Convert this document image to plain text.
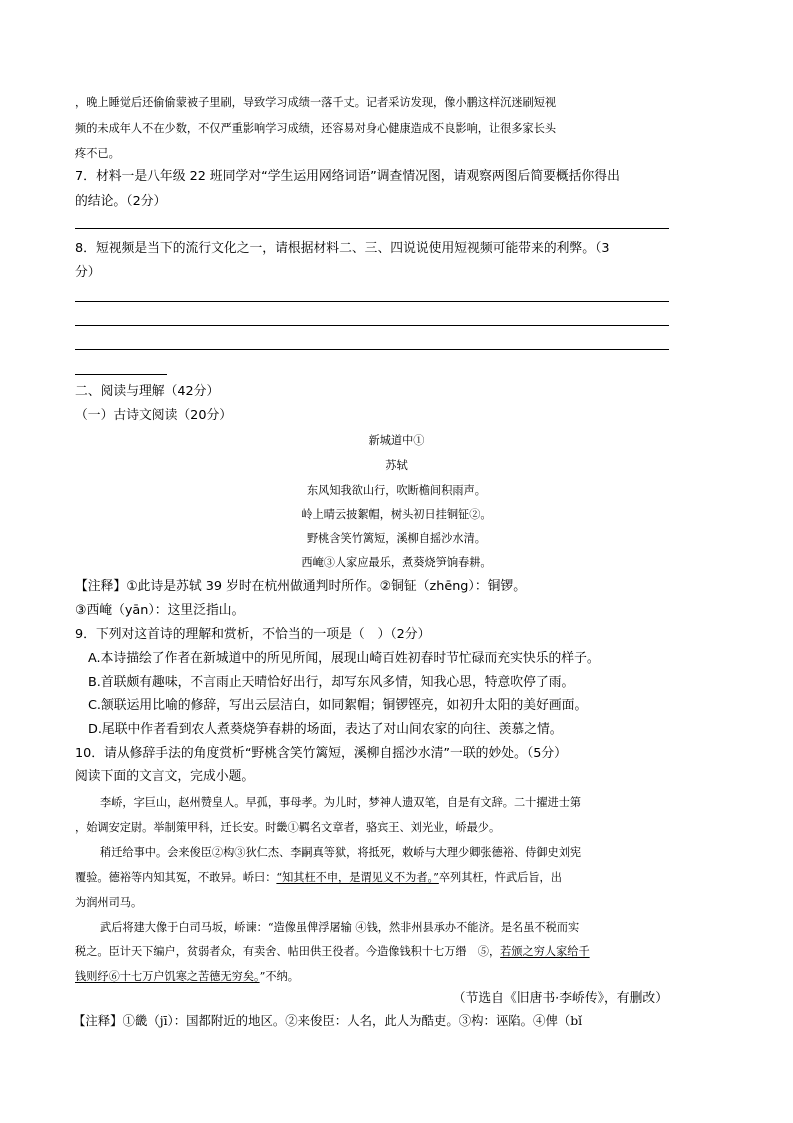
，晚上睡觉后还偷偷蒙被子里刷，导致学习成绩一落千丈。记者采访发现，像小鹏这样沉迷刷短视
频的未成年人不在少数，不仅严重影响学习成绩，还容易对身心健康造成不良影响，让很多家长头
疼不已。
7．材料一是八年级 22 班同学对“学生运用网络词语”调查情况图，请观察两图后简要概括你得出
的结论。（2分）
8．短视频是当下的流行文化之一，请根据材料二、三、四说说使用短视频可能带来的利弊。（3
分）
二、阅读与理解（42分）
（一）古诗文阅读（20分）
新城道中①
苏轼
东风知我欲山行，吹断檐间积雨声。
岭上晴云披絮帽，树头初日挂铜钲②。
野桃含笑竹篱短，溪柳自摇沙水清。
西崦③人家应最乐，煮葵烧笋饷春耕。
【注释】①此诗是苏轼 39 岁时在杭州做通判时所作。②铜钲（zhēng）：铜锣。
③西崦（yān）：这里泛指山。
9．下列对这首诗的理解和赏析，不恰当的一项是（　）（2分）
A.本诗描绘了作者在新城道中的所见所闻，展现山崎百姓初春时节忙碌而充实快乐的样子。
B.首联颇有趣味，不言雨止天晴恰好出行，却写东风多情，知我心思，特意吹停了雨。
C.颔联运用比喻的修辞，写出云层洁白，如同絮帽；铜锣铿亮，如初升太阳的美好画面。
D.尾联中作者看到农人煮葵烧笋春耕的场面，表达了对山间农家的向往、羡慕之情。
10．请从修辞手法的角度赏析“野桃含笑竹篱短，溪柳自摇沙水清”一联的妙处。（5分）
阅读下面的文言文，完成小题。
李峤，字巨山，赵州赞皇人。早孤，事母孝。为儿时，梦神人遗双笔，自是有文辞。二十擢进士第
，始调安定尉。举制策甲科，迁长安。时畿①羁名文章者，骆宾王、刘光业，峤最少。
稍迁给事中。会来俊臣②构③狄仁杰、李嗣真等狱，将抵死，敕峤与大理少卿张德裕、侍御史刘宪
覆验。德裕等内知其冤，不敢异。峤曰：“知其枉不申，是谓见义不为者。”卒列其枉，忤武后旨，出
为润州司马。
武后将建大像于白司马坂，峤谏：“造像虽俾浮屠输 ④钱，然非州县承办不能济。是名虽不税而实
税之。臣计天下编户，贫弱者众，有卖舍、帖田供王役者。今造像钱积十七万缗　⑤，若颁之穷人家给千
钱则纾⑥十七万户饥寒之苦德无穷矣。”不纳。
（节选自《旧唐书·李峤传》，有删改）
【注释】①畿（jī）：国都附近的地区。②来俊臣：人名，此人为酷吏。③构：诬陷。④俾（bǐ
